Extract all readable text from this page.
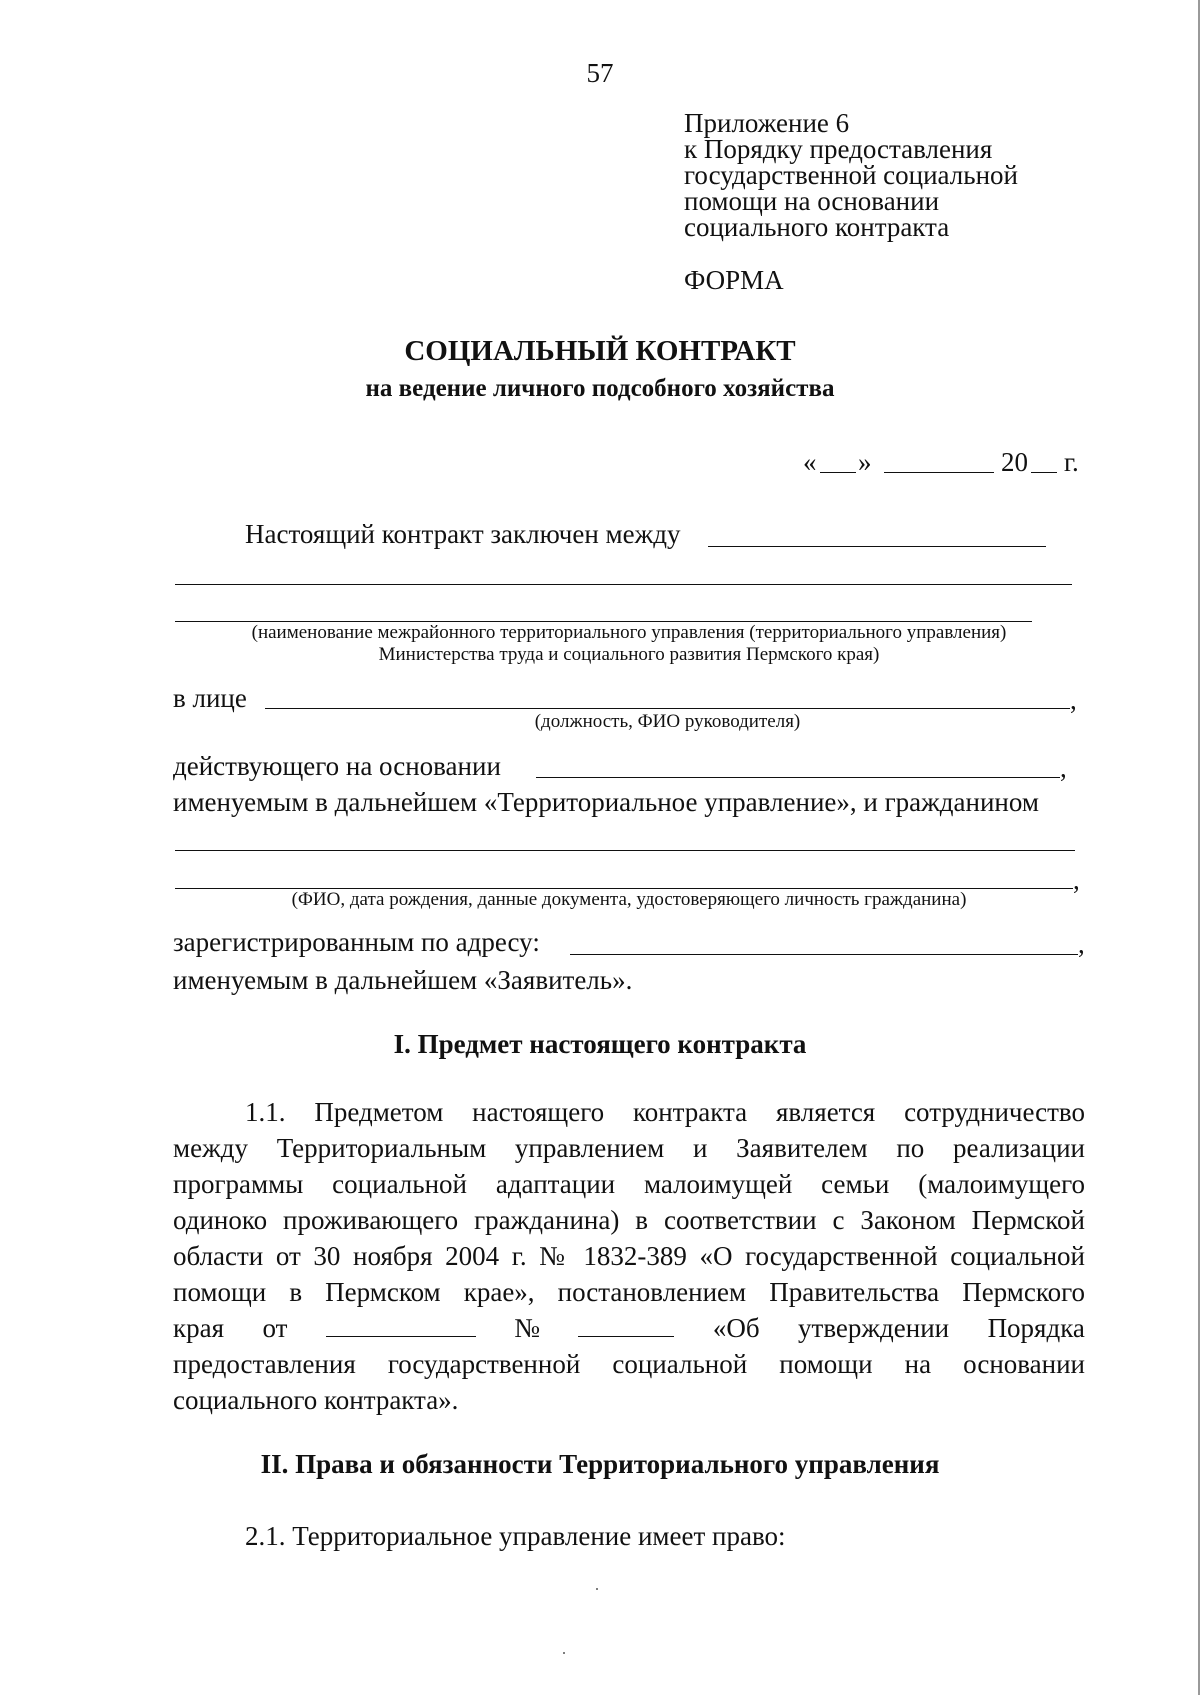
57
Приложение 6
к Порядку предоставления
государственной социальной
помощи на основании
социального контракта
ФОРМА
СОЦИАЛЬНЫЙ КОНТРАКТ
на ведение личного подсобного хозяйства
« »	20 г.
Настоящий контракт заключен между
(наименование межрайонного территориального управления (территориального управления)
Министерства труда и социального развития Пермского края)
в лице	,
(должность, ФИО руководителя)
действующего на основании	,
именуемым в дальнейшем «Территориальное управление», и гражданином
,
(ФИО, дата рождения, данные документа, удостоверяющего личность гражданина)
зарегистрированным по адресу:	,
именуемым в дальнейшем «Заявитель».
I. Предмет настоящего контракта
1.1. Предметом настоящего контракта является сотрудничество
между Территориальным управлением и Заявителем по реализации
программы социальной адаптации малоимущей семьи (малоимущего
одиноко проживающего гражданина) в соответствии с Законом Пермской
области от 30 ноября 2004 г. № 1832-389 «О государственной социальной
помощи в Пермском крае», постановлением Правительства Пермского
края от	№	«Об утверждении Порядка
предоставления государственной социальной помощи на основании
социального контракта».
II. Права и обязанности Территориального управления
2.1. Территориальное управление имеет право:
